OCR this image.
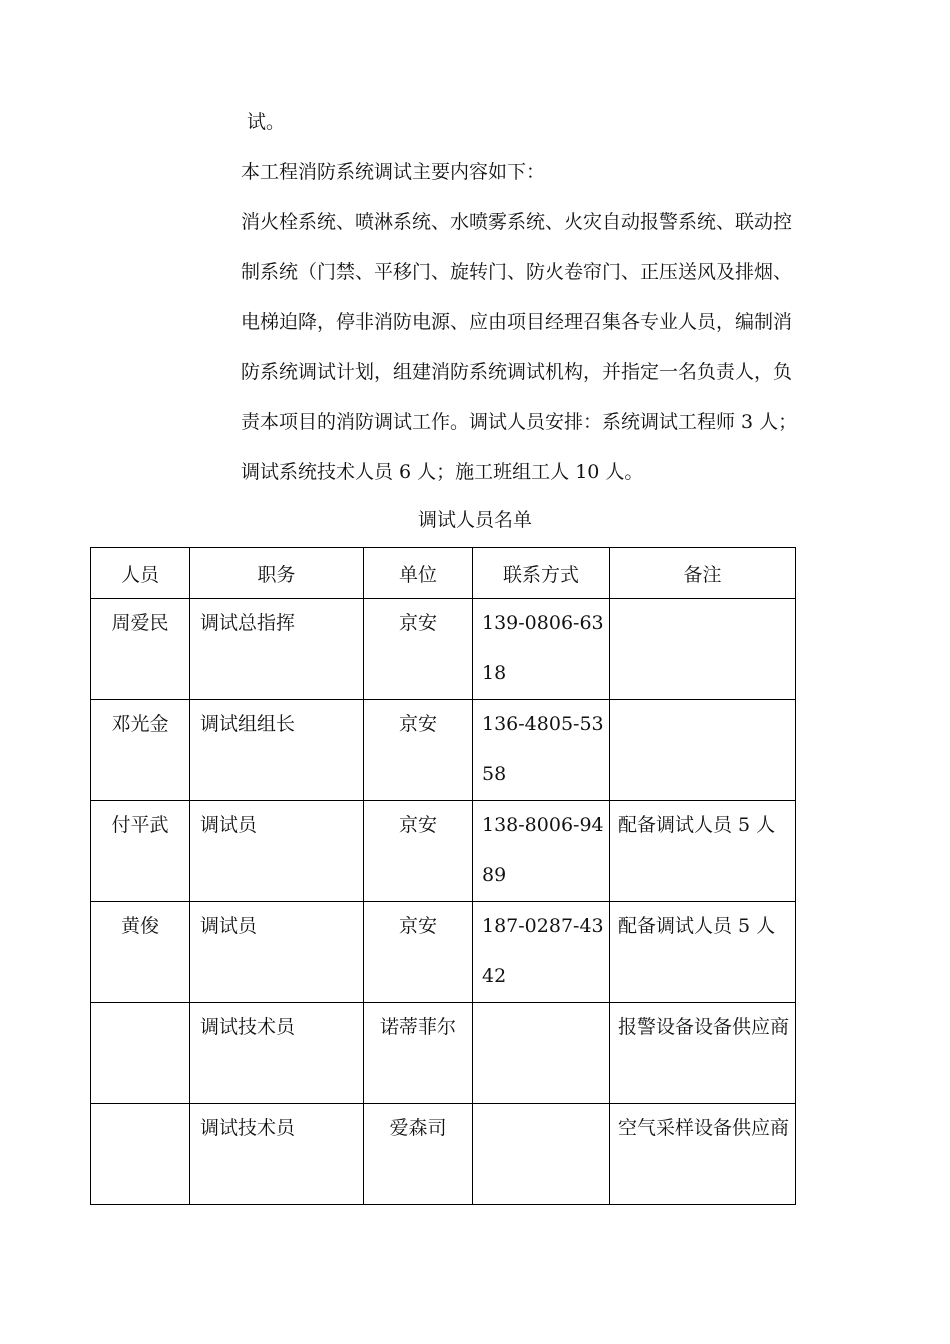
试。

本工程消防系统调试主要内容如下：

消火栓系统、喷淋系统、水喷雾系统、火灾自动报警系统、联动控

制系统（门禁、平移门、旋转门、防火卷帘门、正压送风及排烟、

电梯迫降，停非消防电源、应由项目经理召集各专业人员，编制消

防系统调试计划，组建消防系统调试机构，并指定一名负责人，负

责本项目的消防调试工作。调试人员安排：系统调试工程师 3 人；

调试系统技术人员 6 人；施工班组工人 10 人。

调试人员名单
人员	职务	单位	联系方式	备注

周爱民	调试总指挥	京安	139-0806-6318	

邓光金	调试组组长	京安	136-4805-5358	

付平武	调试员	京安	138-8006-9489	配备调试人员 5 人

黄俊	调试员	京安	187-0287-4342	配备调试人员 5 人

	调试技术员	诺蒂菲尔		报警设备设备供应商

	调试技术员	爱森司		空气采样设备供应商
